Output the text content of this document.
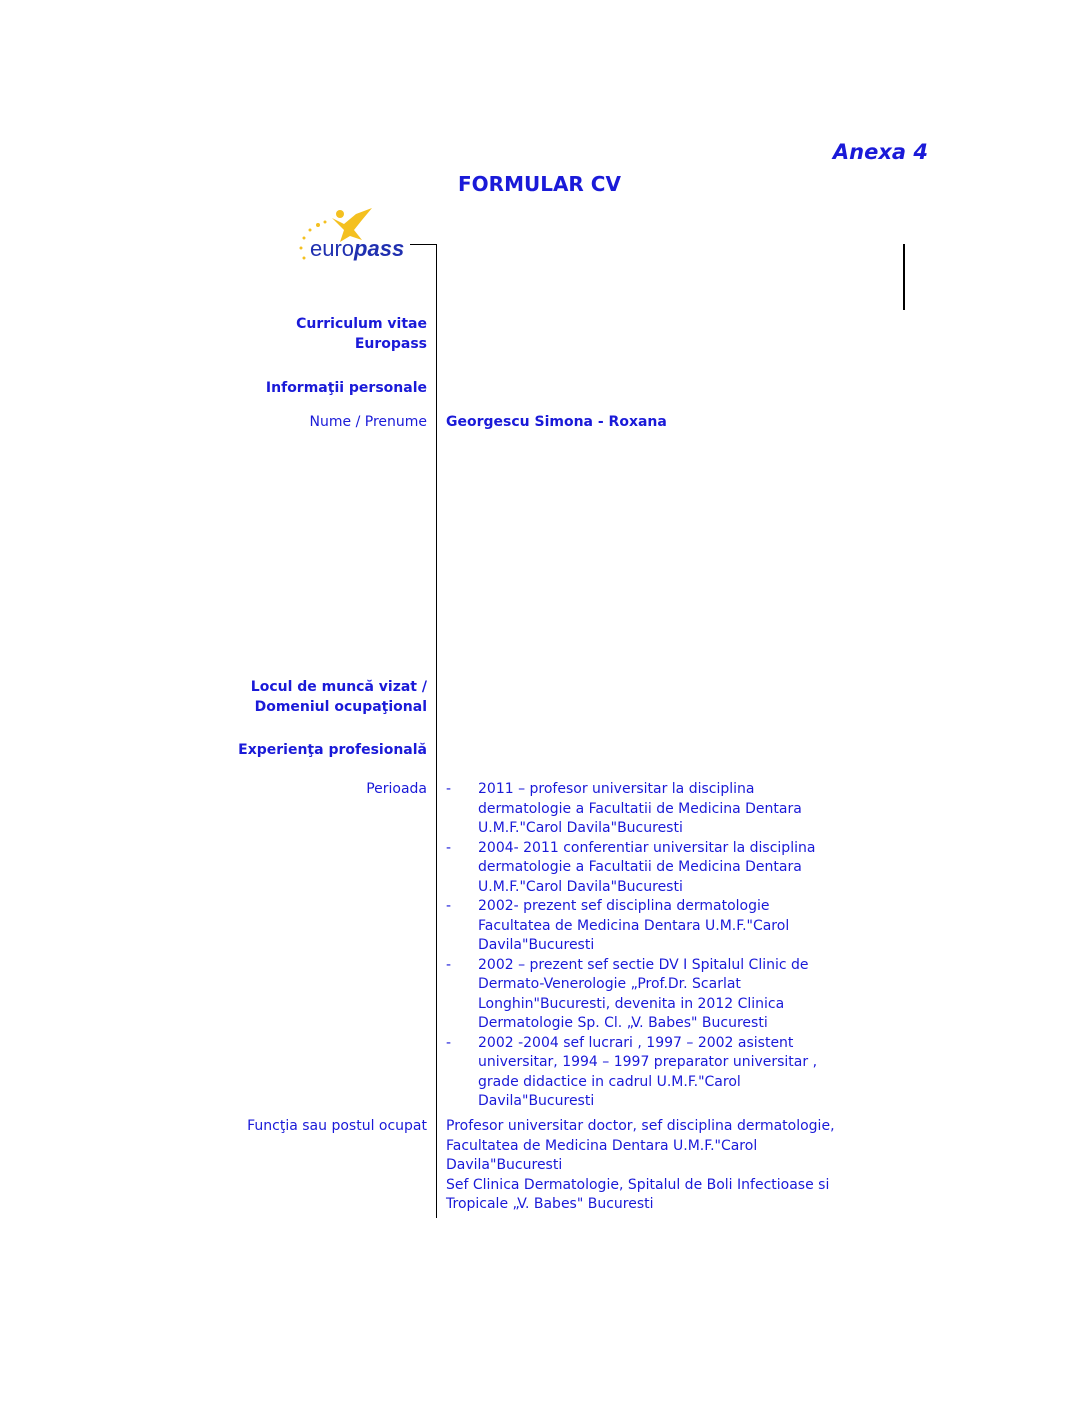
Anexa 4
FORMULAR CV
europass
Curriculum vitae
Europass
Informaţii personale
Nume / Prenume Georgescu Simona - Roxana
Locul de muncă vizat /
Domeniul ocupaţional
Experienţa profesională
Perioada - 2011 – profesor universitar la disciplina
dermatologie a Facultatii de Medicina Dentara
U.M.F."Carol Davila"Bucuresti
- 2004- 2011 conferentiar universitar la disciplina
dermatologie a Facultatii de Medicina Dentara
U.M.F."Carol Davila"Bucuresti
- 2002- prezent sef disciplina dermatologie
Facultatea de Medicina Dentara U.M.F."Carol
Davila"Bucuresti
- 2002 – prezent sef sectie DV I Spitalul Clinic de
Dermato-Venerologie „Prof.Dr. Scarlat
Longhin"Bucuresti, devenita in 2012 Clinica
Dermatologie Sp. Cl. „V. Babes" Bucuresti
- 2002 -2004 sef lucrari , 1997 – 2002 asistent
universitar, 1994 – 1997 preparator universitar ,
grade didactice in cadrul U.M.F."Carol
Davila"Bucuresti
Funcţia sau postul ocupat Profesor universitar doctor, sef disciplina dermatologie,
Facultatea de Medicina Dentara U.M.F."Carol
Davila"Bucuresti
Sef Clinica Dermatologie, Spitalul de Boli Infectioase si
Tropicale „V. Babes" Bucuresti
